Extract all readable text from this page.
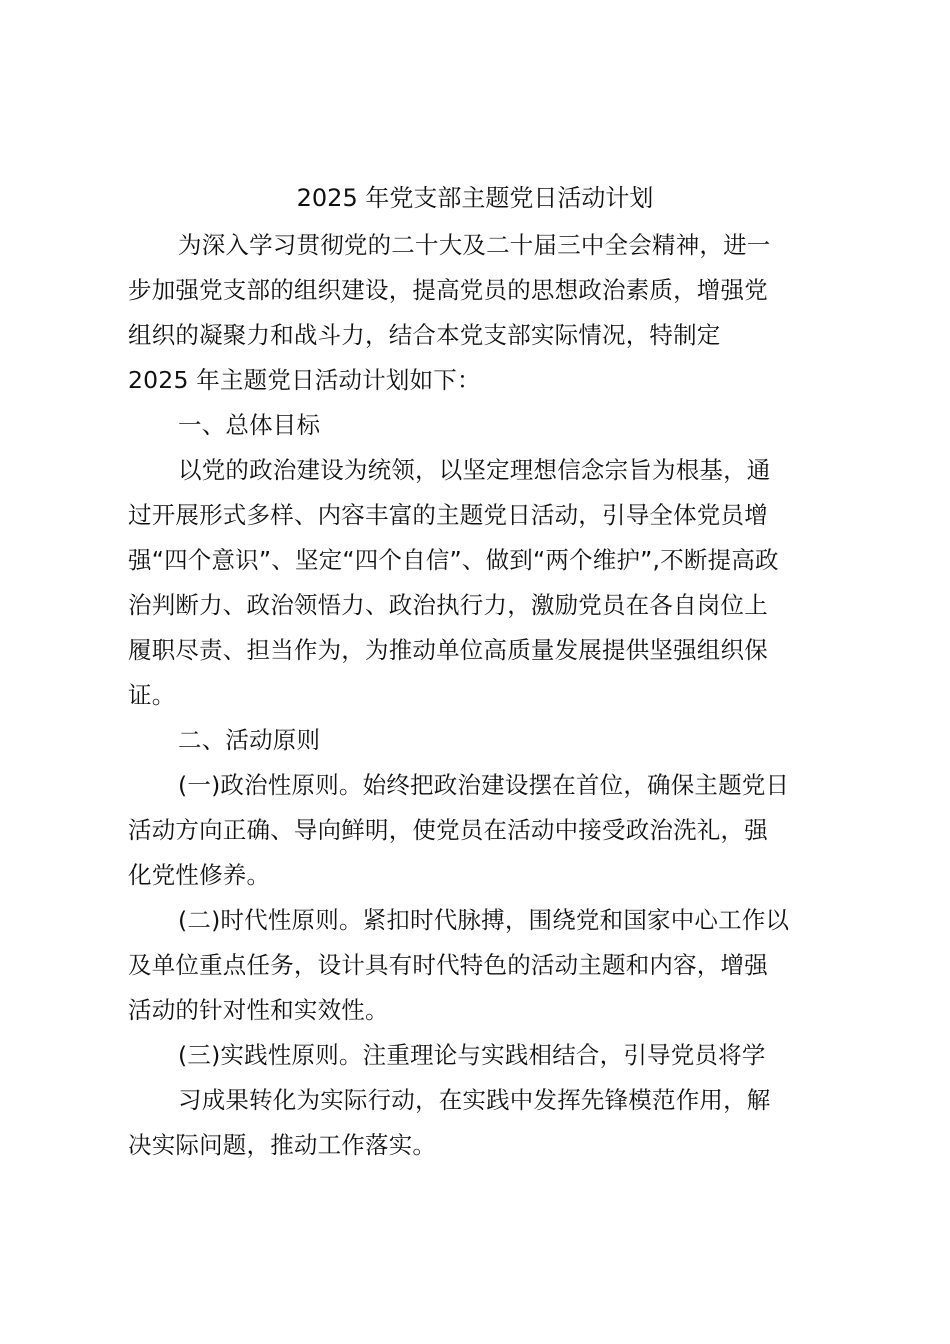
2025 年党支部主题党日活动计划
为深入学习贯彻党的二十大及二十届三中全会精神，进一
步加强党支部的组织建设，提高党员的思想政治素质，增强党
组织的凝聚力和战斗力，结合本党支部实际情况，特制定
2025 年主题党日活动计划如下：
一、总体目标
以党的政治建设为统领，以坚定理想信念宗旨为根基，通
过开展形式多样、内容丰富的主题党日活动，引导全体党员增
强“四个意识”、坚定“四个自信”、做到“两个维护”,不断提高政
治判断力、政治领悟力、政治执行力，激励党员在各自岗位上
履职尽责、担当作为，为推动单位高质量发展提供坚强组织保
证。
二、活动原则
(一)政治性原则。始终把政治建设摆在首位，确保主题党日
活动方向正确、导向鲜明，使党员在活动中接受政治洗礼，强
化党性修养。
(二)时代性原则。紧扣时代脉搏，围绕党和国家中心工作以
及单位重点任务，设计具有时代特色的活动主题和内容，增强
活动的针对性和实效性。
(三)实践性原则。注重理论与实践相结合，引导党员将学
习成果转化为实际行动，在实践中发挥先锋模范作用，解
决实际问题，推动工作落实。
